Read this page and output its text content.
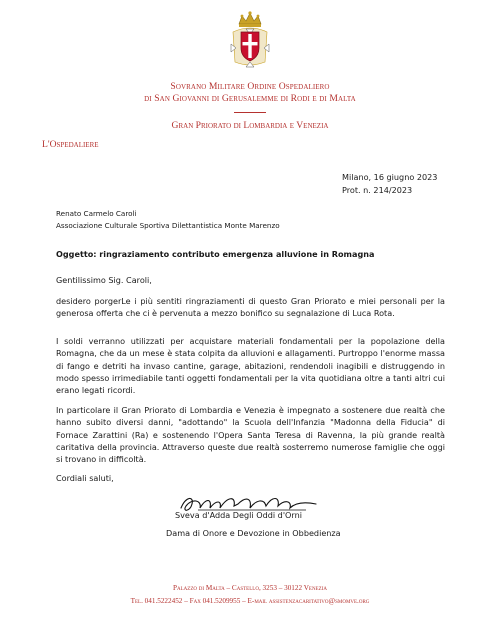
Sovrano Militare Ordine Ospedaliero
di San Giovanni di Gerusalemme di Rodi e di Malta
Gran Priorato di Lombardia e Venezia
L'Ospedaliere
Milano, 16 giugno 2023
Prot. n. 214/2023
Renato Carmelo Caroli
Associazione Culturale Sportiva Dilettantistica Monte Marenzo
Oggetto: ringraziamento contributo emergenza alluvione in Romagna
Gentilissimo Sig. Caroli,
desidero porgerLe i più sentiti ringraziamenti di questo Gran Priorato e miei personali per la generosa offerta che ci è pervenuta a mezzo bonifico su segnalazione di Luca Rota.
I soldi verranno utilizzati per acquistare materiali fondamentali per la popolazione della Romagna, che da un mese è stata colpita da alluvioni e allagamenti. Purtroppo l'enorme massa di fango e detriti ha invaso cantine, garage, abitazioni, rendendoli inagibili e distruggendo in modo spesso irrimediabile tanti oggetti fondamentali per la vita quotidiana oltre a tanti altri cui erano legati ricordi.
In particolare il Gran Priorato di Lombardia e Venezia è impegnato a sostenere due realtà che hanno subito diversi danni, "adottando" la Scuola dell'Infanzia "Madonna della Fiducia" di Fornace Zarattini (Ra) e sostenendo l'Opera Santa Teresa di Ravenna, la più grande realtà caritativa della provincia. Attraverso queste due realtà sosterremo numerose famiglie che oggi si trovano in difficoltà.
Cordiali saluti,
Sveva d'Adda Degli Oddi d'Orni
Dama di Onore e Devozione in Obbedienza
Palazzo di Malta – Castello, 3253 – 30122 Venezia
Tel. 041.5222452 – Fax 041.5209955 – E-mail assistenzacaritativo@smomve.org
